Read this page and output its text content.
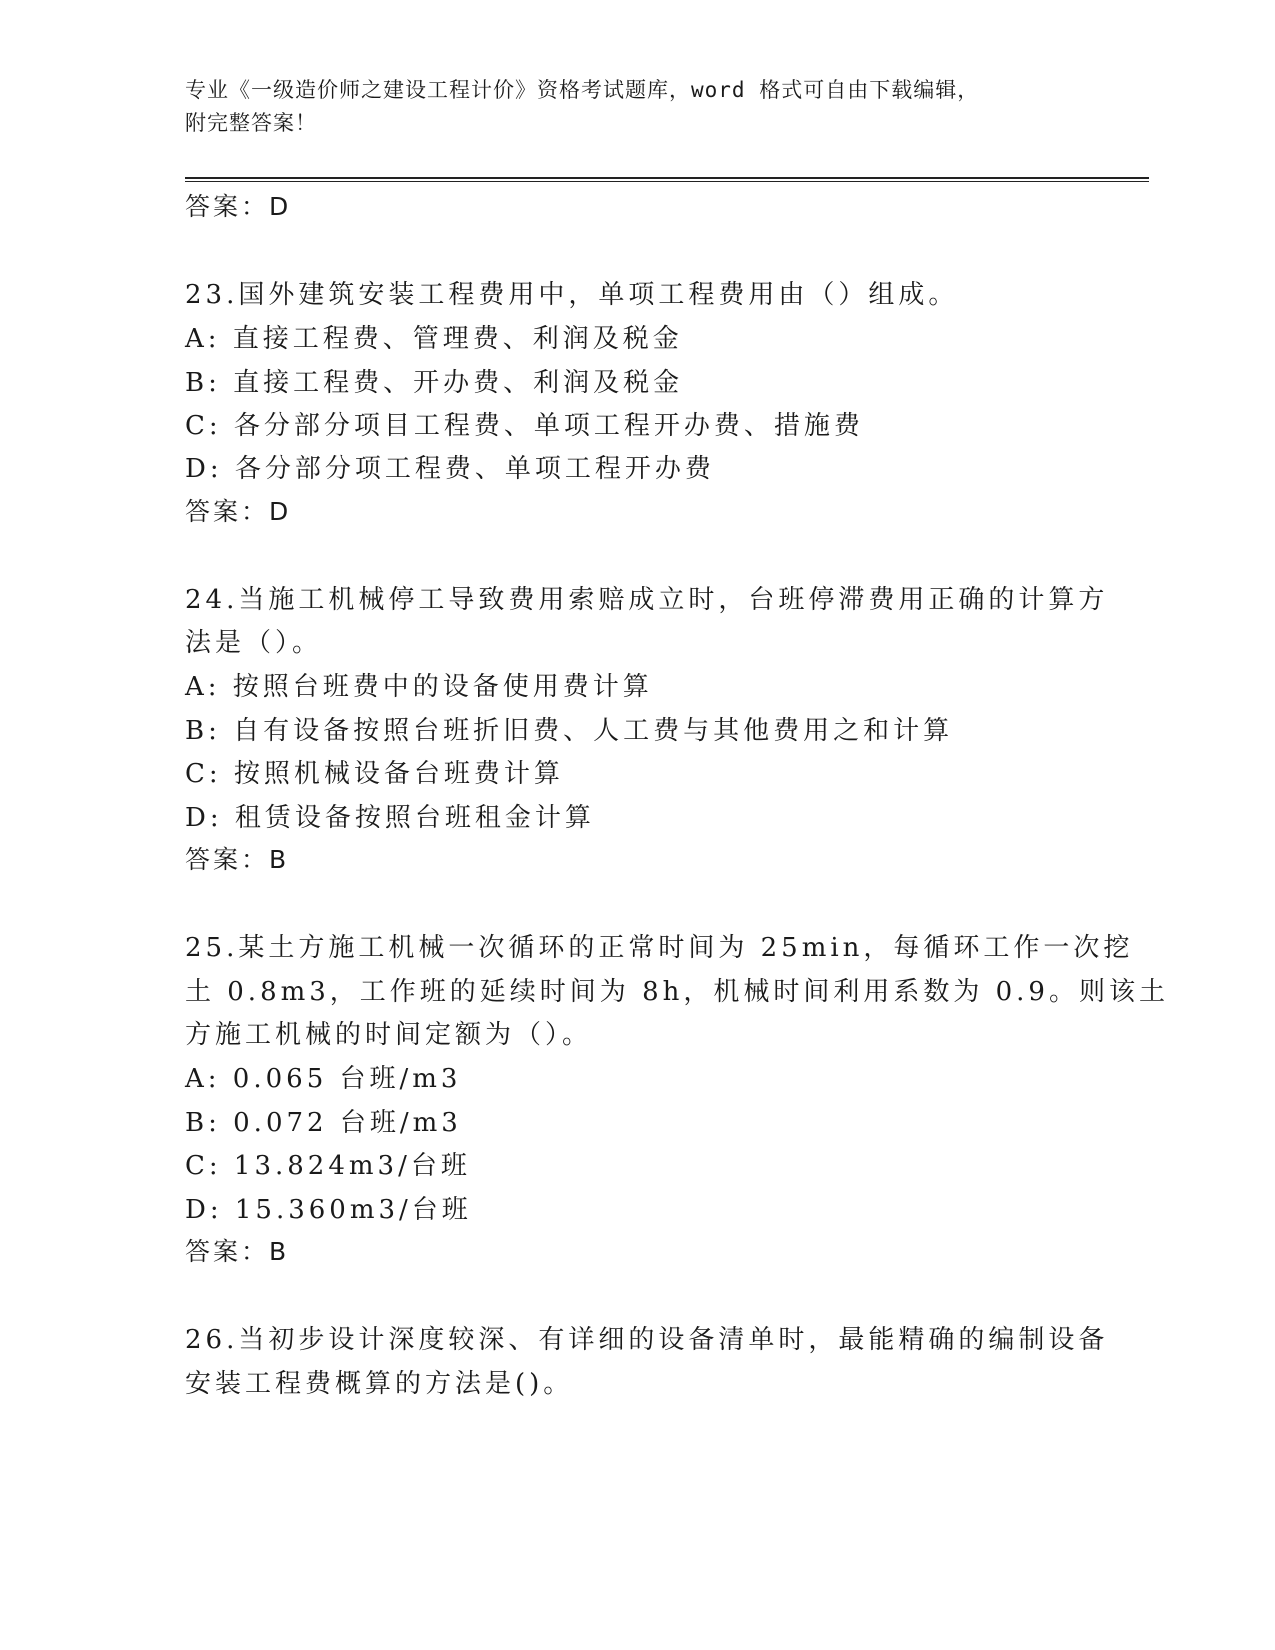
专业《一级造价师之建设工程计价》资格考试题库，word 格式可自由下载编辑，
附完整答案！
答案：D
23.国外建筑安装工程费用中，单项工程费用由（）组成。
A: 直接工程费、管理费、利润及税金
B: 直接工程费、开办费、利润及税金
C: 各分部分项目工程费、单项工程开办费、措施费
D: 各分部分项工程费、单项工程开办费
答案：D
24.当施工机械停工导致费用索赔成立时，台班停滞费用正确的计算方
法是（）。
A: 按照台班费中的设备使用费计算
B: 自有设备按照台班折旧费、人工费与其他费用之和计算
C: 按照机械设备台班费计算
D: 租赁设备按照台班租金计算
答案：B
25.某土方施工机械一次循环的正常时间为 25min，每循环工作一次挖
土 0.8m3，工作班的延续时间为 8h，机械时间利用系数为 0.9。则该土
方施工机械的时间定额为（）。
A: 0.065 台班/m3
B: 0.072 台班/m3
C: 13.824m3/台班
D: 15.360m3/台班
答案：B
26.当初步设计深度较深、有详细的设备清单时，最能精确的编制设备
安装工程费概算的方法是()。
